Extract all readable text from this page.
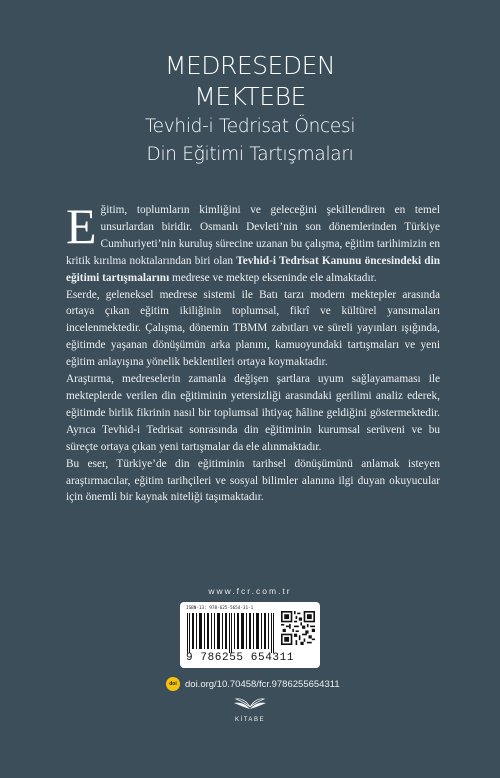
MEDRESEDEN
MEKTEBE
Tevhid-i Tedrisat Öncesi
Din Eğitimi Tartışmaları

Eğitim, toplumların kimliğini ve geleceğini şekillendiren en temel unsurlardan biridir. Osmanlı Devleti’nin son dönemlerinden Türkiye Cumhuriyeti’nin kuruluş sürecine uzanan bu çalışma, eğitim tarihimizin en kritik kırılma noktalarından biri olan Tevhid-i Tedrisat Kanunu öncesindeki din eğitimi tartışmalarını medrese ve mektep ekseninde ele almaktadır.

Eserde, geleneksel medrese sistemi ile Batı tarzı modern mektepler arasında ortaya çıkan eğitim ikiliğinin toplumsal, fikrî ve kültürel yansımaları incelenmektedir. Çalışma, dönemin TBMM zabıtları ve süreli yayınları ışığında, eğitimde yaşanan dönüşümün arka planını, kamuoyundaki tartışmaları ve yeni eğitim anlayışına yönelik beklentileri ortaya koymaktadır.

Araştırma, medreselerin zamanla değişen şartlara uyum sağlayamaması ile mekteplerde verilen din eğitiminin yetersizliği arasındaki gerilimi analiz ederek, eğitimde birlik fikrinin nasıl bir toplumsal ihtiyaç hâline geldiğini göstermektedir. Ayrıca Tevhid-i Tedrisat sonrasında din eğitiminin kurumsal serüveni ve bu süreçte ortaya çıkan yeni tartışmalar da ele alınmaktadır.

Bu eser, Türkiye’de din eğitiminin tarihsel dönüşümünü anlamak isteyen araştırmacılar, eğitim tarihçileri ve sosyal bilimler alanına ilgi duyan okuyucular için önemli bir kaynak niteliği taşımaktadır.

www.fcr.com.tr
ISBN-13: 978-625-5654-31-1
9 786255 654311
doi doi.org/10.70458/fcr.9786255654311
KİTABE
